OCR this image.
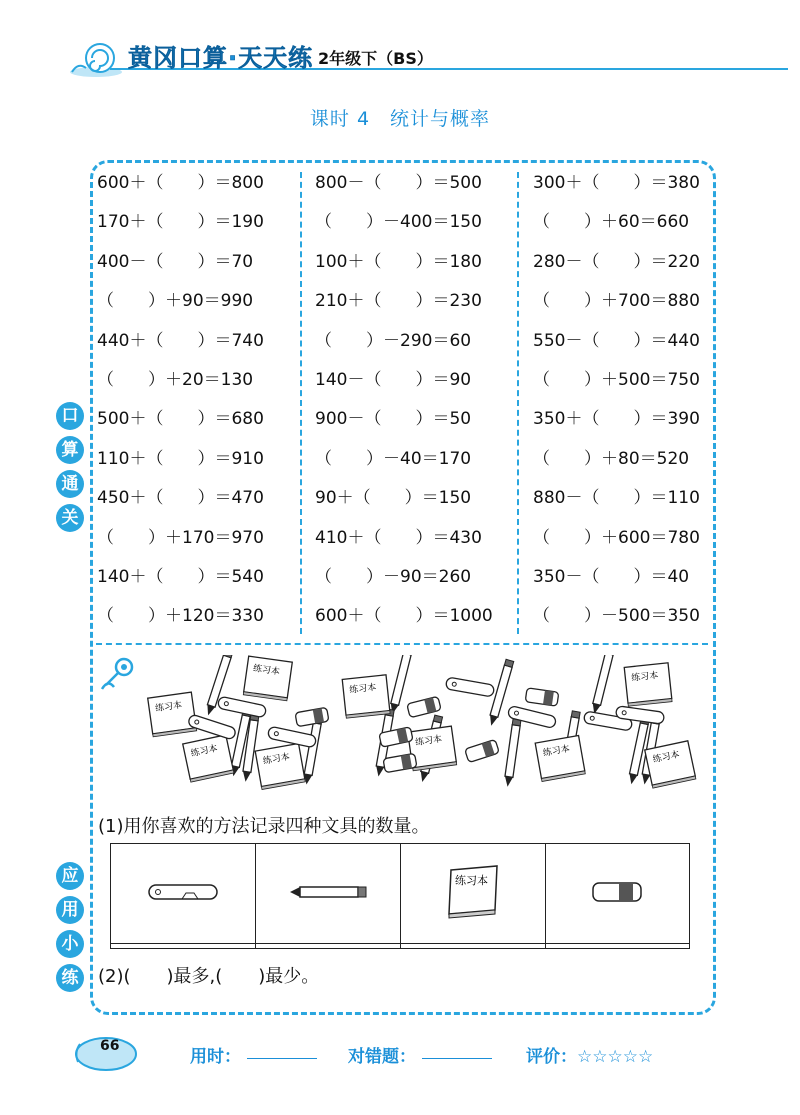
黄冈口算·天天练 2年级下（BS）
课时 4　统计与概率
口
算
通
关
应
用
小
练
600＋（　　）＝800
170＋（　　）＝190
400－（　　）＝70
（　　）＋90＝990
440＋（　　）＝740
（　　）＋20＝130
500＋（　　）＝680
110＋（　　）＝910
450＋（　　）＝470
（　　）＋170＝970
140＋（　　）＝540
（　　）＋120＝330
800－（　　）＝500
（　　）－400＝150
100＋（　　）＝180
210＋（　　）＝230
（　　）－290＝60
140－（　　）＝90
900－（　　）＝50
（　　）－40＝170
90＋（　　）＝150
410＋（　　）＝430
（　　）－90＝260
600＋（　　）＝1000
300＋（　　）＝380
（　　）＋60＝660
280－（　　）＝220
（　　）＋700＝880
550－（　　）＝440
（　　）＋500＝750
350＋（　　）＝390
（　　）＋80＝520
880－（　　）＝110
（　　）＋600＝780
350－（　　）＝40
（　　）－500＝350
练习本
练习本
练习本
练习本
练习本
练习本
练习本
练习本
练习本
(1)用你喜欢的方法记录四种文具的数量。

练习本

(2)(　　)最多,(　　)最少。
66
用时：	对错题：	评价：☆☆☆☆☆
